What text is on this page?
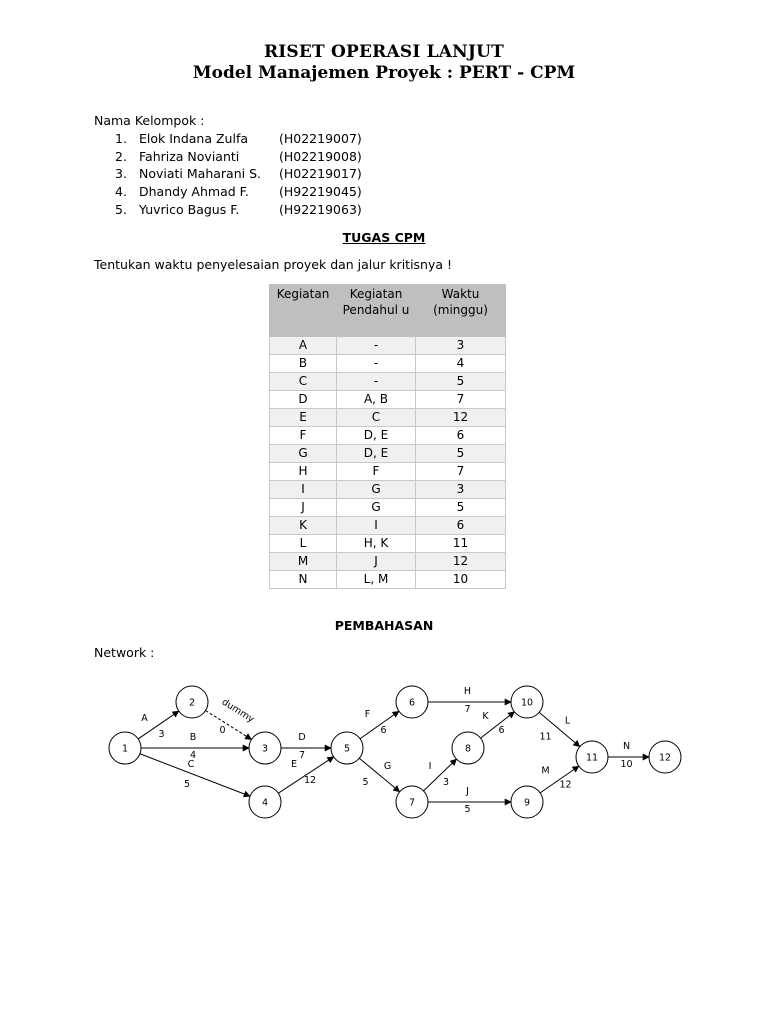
RISET OPERASI LANJUT
Model Manajemen Proyek : PERT - CPM
Nama Kelompok :
1. Elok Indana Zulfa (H02219007)
2. Fahriza Novianti	(H02219008)
3. Noviati Maharani S. (H02219017)
4. Dhandy Ahmad F. (H92219045)
5. Yuvrico Bagus F.	(H92219063)
TUGAS CPM
Tentukan waktu penyelesaian proyek dan jalur kritisnya !
Kegiatan	Kegiatan Pendahul u	Waktu (minggu)
A	-	3
B	-	4
C	-	5
D	A, B	7
E	C	12
F	D, E	6
G	D, E	5
H	F	7
I	G	3
J	G	5
K	I	6
L	H, K	11
M	J	12
N	L, M	10
PEMBAHASAN
Network :
A
3
dummy
0
B
4
C
5
D
7
E
12
F
6
G
5
H
7
I
3
J
5
K
6
L
11
M
12
N
10
1
2
3
4
5
6
7
8
9
10
11	12
